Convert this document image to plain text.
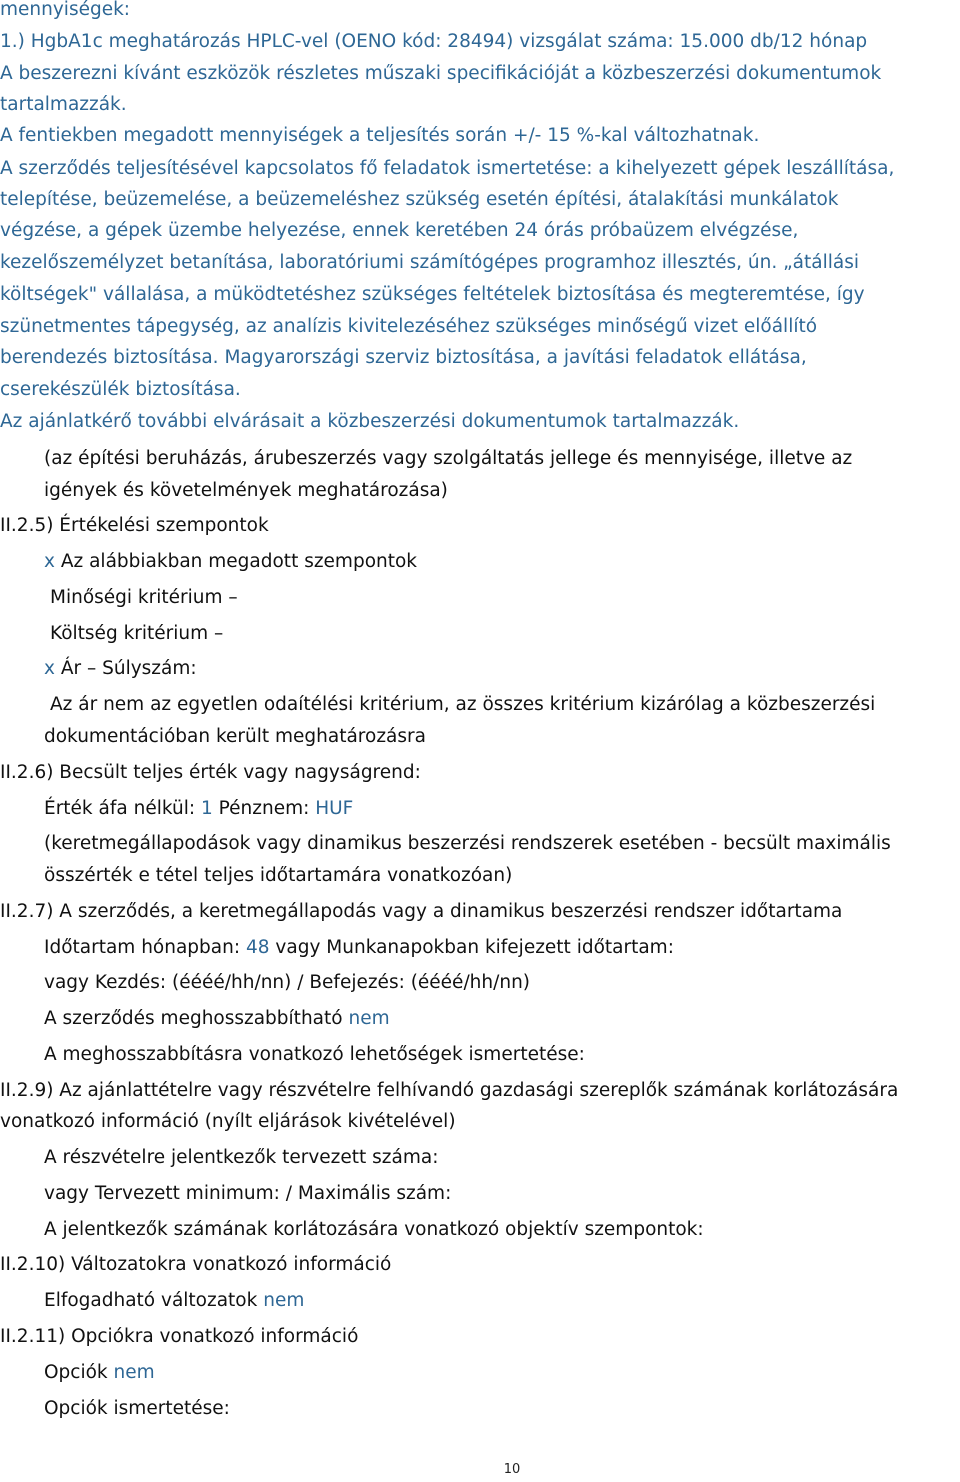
mennyiségek:
1.) HgbA1c meghatározás HPLC-vel (OENO kód: 28494) vizsgálat száma: 15.000 db/12 hónap
A beszerezni kívánt eszközök részletes műszaki specifikációját a közbeszerzési dokumentumok
tartalmazzák.
A fentiekben megadott mennyiségek a teljesítés során +/- 15 %-kal változhatnak.
A szerződés teljesítésével kapcsolatos fő feladatok ismertetése: a kihelyezett gépek leszállítása,
telepítése, beüzemelése, a beüzemeléshez szükség esetén építési, átalakítási munkálatok
végzése, a gépek üzembe helyezése, ennek keretében 24 órás próbaüzem elvégzése,
kezelőszemélyzet betanítása, laboratóriumi számítógépes programhoz illesztés, ún. „átállási
költségek" vállalása, a müködtetéshez szükséges feltételek biztosítása és megteremtése, így
szünetmentes tápegység, az analízis kivitelezéséhez szükséges minőségű vizet előállító
berendezés biztosítása. Magyarországi szerviz biztosítása, a javítási feladatok ellátása,
cserekészülék biztosítása.
Az ajánlatkérő további elvárásait a közbeszerzési dokumentumok tartalmazzák.
(az építési beruházás, árubeszerzés vagy szolgáltatás jellege és mennyisége, illetve az
igények és követelmények meghatározása)
II.2.5) Értékelési szempontok
x Az alábbiakban megadott szempontok
Minőségi kritérium –
Költség kritérium –
x Ár – Súlyszám:
Az ár nem az egyetlen odaítélési kritérium, az összes kritérium kizárólag a közbeszerzési
dokumentációban került meghatározásra
II.2.6) Becsült teljes érték vagy nagyságrend:
Érték áfa nélkül: 1 Pénznem: HUF
(keretmegállapodások vagy dinamikus beszerzési rendszerek esetében - becsült maximális
összérték e tétel teljes időtartamára vonatkozóan)
II.2.7) A szerződés, a keretmegállapodás vagy a dinamikus beszerzési rendszer időtartama
Időtartam hónapban: 48 vagy Munkanapokban kifejezett időtartam:
vagy Kezdés: (éééé/hh/nn) / Befejezés: (éééé/hh/nn)
A szerződés meghosszabbítható nem
A meghosszabbításra vonatkozó lehetőségek ismertetése:
II.2.9) Az ajánlattételre vagy részvételre felhívandó gazdasági szereplők számának korlátozására
vonatkozó információ (nyílt eljárások kivételével)
A részvételre jelentkezők tervezett száma:
vagy Tervezett minimum: / Maximális szám:
A jelentkezők számának korlátozására vonatkozó objektív szempontok:
II.2.10) Változatokra vonatkozó információ
Elfogadható változatok nem
II.2.11) Opciókra vonatkozó információ
Opciók nem
Opciók ismertetése:
10
